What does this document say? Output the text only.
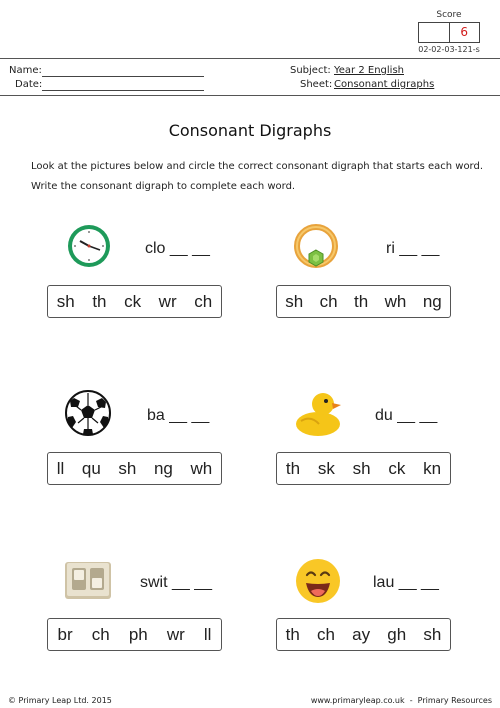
Score
6
02-02-03-121-s
Name:
Date:
Subject: Year 2 English
Sheet: Consonant digraphs
Consonant Digraphs
Look at the pictures below and circle the correct consonant digraph that starts each word.
Write the consonant digraph to complete each word.
clo __ __
sh th ck wr ch
ri __ __
sh ch th wh ng
ba __ __
ll qu sh ng wh
du __ __
th sk sh ck kn
swit __ __
br ch ph wr ll
lau __ __
th ch ay gh sh
© Primary Leap Ltd. 2015	www.primaryleap.co.uk  -  Primary Resources
